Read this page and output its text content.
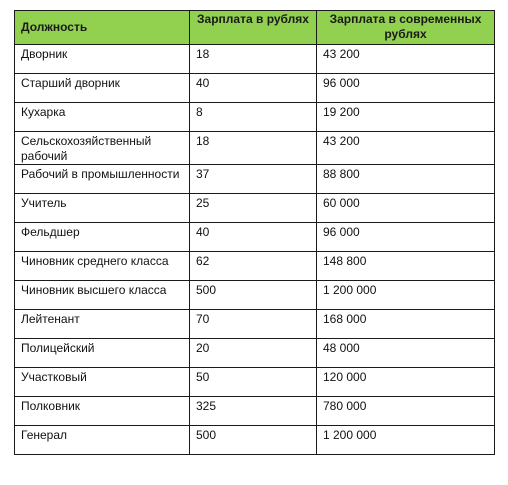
Должность	Зарплата в рублях	Зарплата в современных рублях
Дворник	18	43 200
Старший дворник	40	96 000
Кухарка	8	19 200
Сельскохозяйственный рабочий	18	43 200
Рабочий в промышленности	37	88 800
Учитель	25	60 000
Фельдшер	40	96 000
Чиновник среднего класса	62	148 800
Чиновник высшего класса	500	1 200 000
Лейтенант	70	168 000
Полицейский	20	48 000
Участковый	50	120 000
Полковник	325	780 000
Генерал	500	1 200 000
